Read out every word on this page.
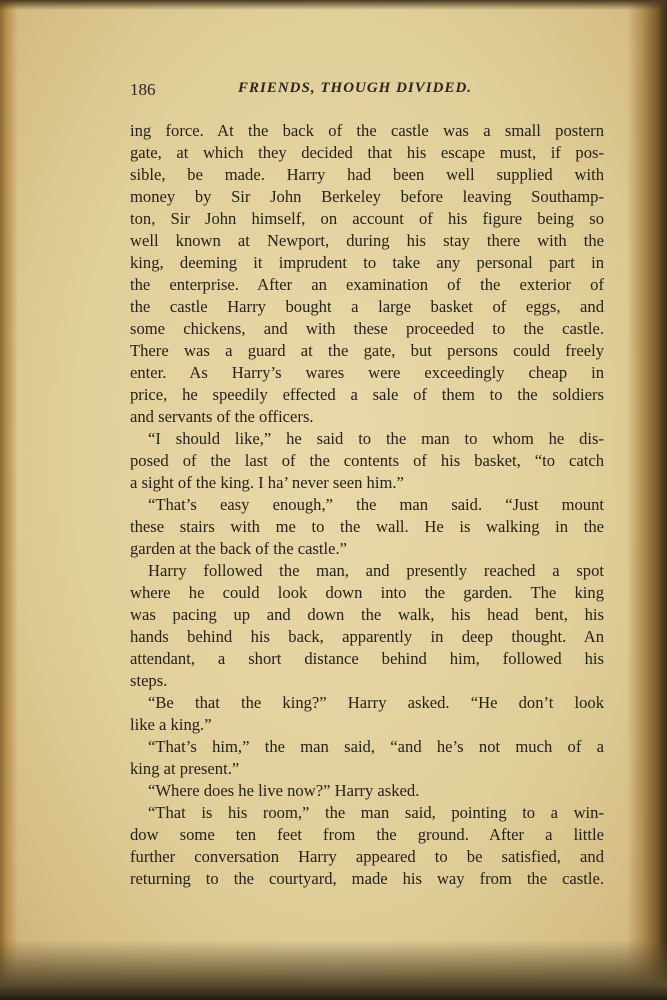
186	FRIENDS, THOUGH DIVIDED.
ing force. At the back of the castle was a small postern
gate, at which they decided that his escape must, if pos-
sible, be made. Harry had been well supplied with
money by Sir John Berkeley before leaving Southamp-
ton, Sir John himself, on account of his figure being so
well known at Newport, during his stay there with the
king, deeming it imprudent to take any personal part in
the enterprise. After an examination of the exterior of
the castle Harry bought a large basket of eggs, and
some chickens, and with these proceeded to the castle.
There was a guard at the gate, but persons could freely
enter. As Harry’s wares were exceedingly cheap in
price, he speedily effected a sale of them to the soldiers
and servants of the officers.
“I should like,” he said to the man to whom he dis-
posed of the last of the contents of his basket, “to catch
a sight of the king. I ha’ never seen him.”
“That’s easy enough,” the man said. “Just mount
these stairs with me to the wall. He is walking in the
garden at the back of the castle.”
Harry followed the man, and presently reached a spot
where he could look down into the garden. The king
was pacing up and down the walk, his head bent, his
hands behind his back, apparently in deep thought. An
attendant, a short distance behind him, followed his
steps.
“Be that the king?” Harry asked. “He don’t look
like a king.”
“That’s him,” the man said, “and he’s not much of a
king at present.”
“Where does he live now?” Harry asked.
“That is his room,” the man said, pointing to a win-
dow some ten feet from the ground. After a little
further conversation Harry appeared to be satisfied, and
returning to the courtyard, made his way from the castle.
